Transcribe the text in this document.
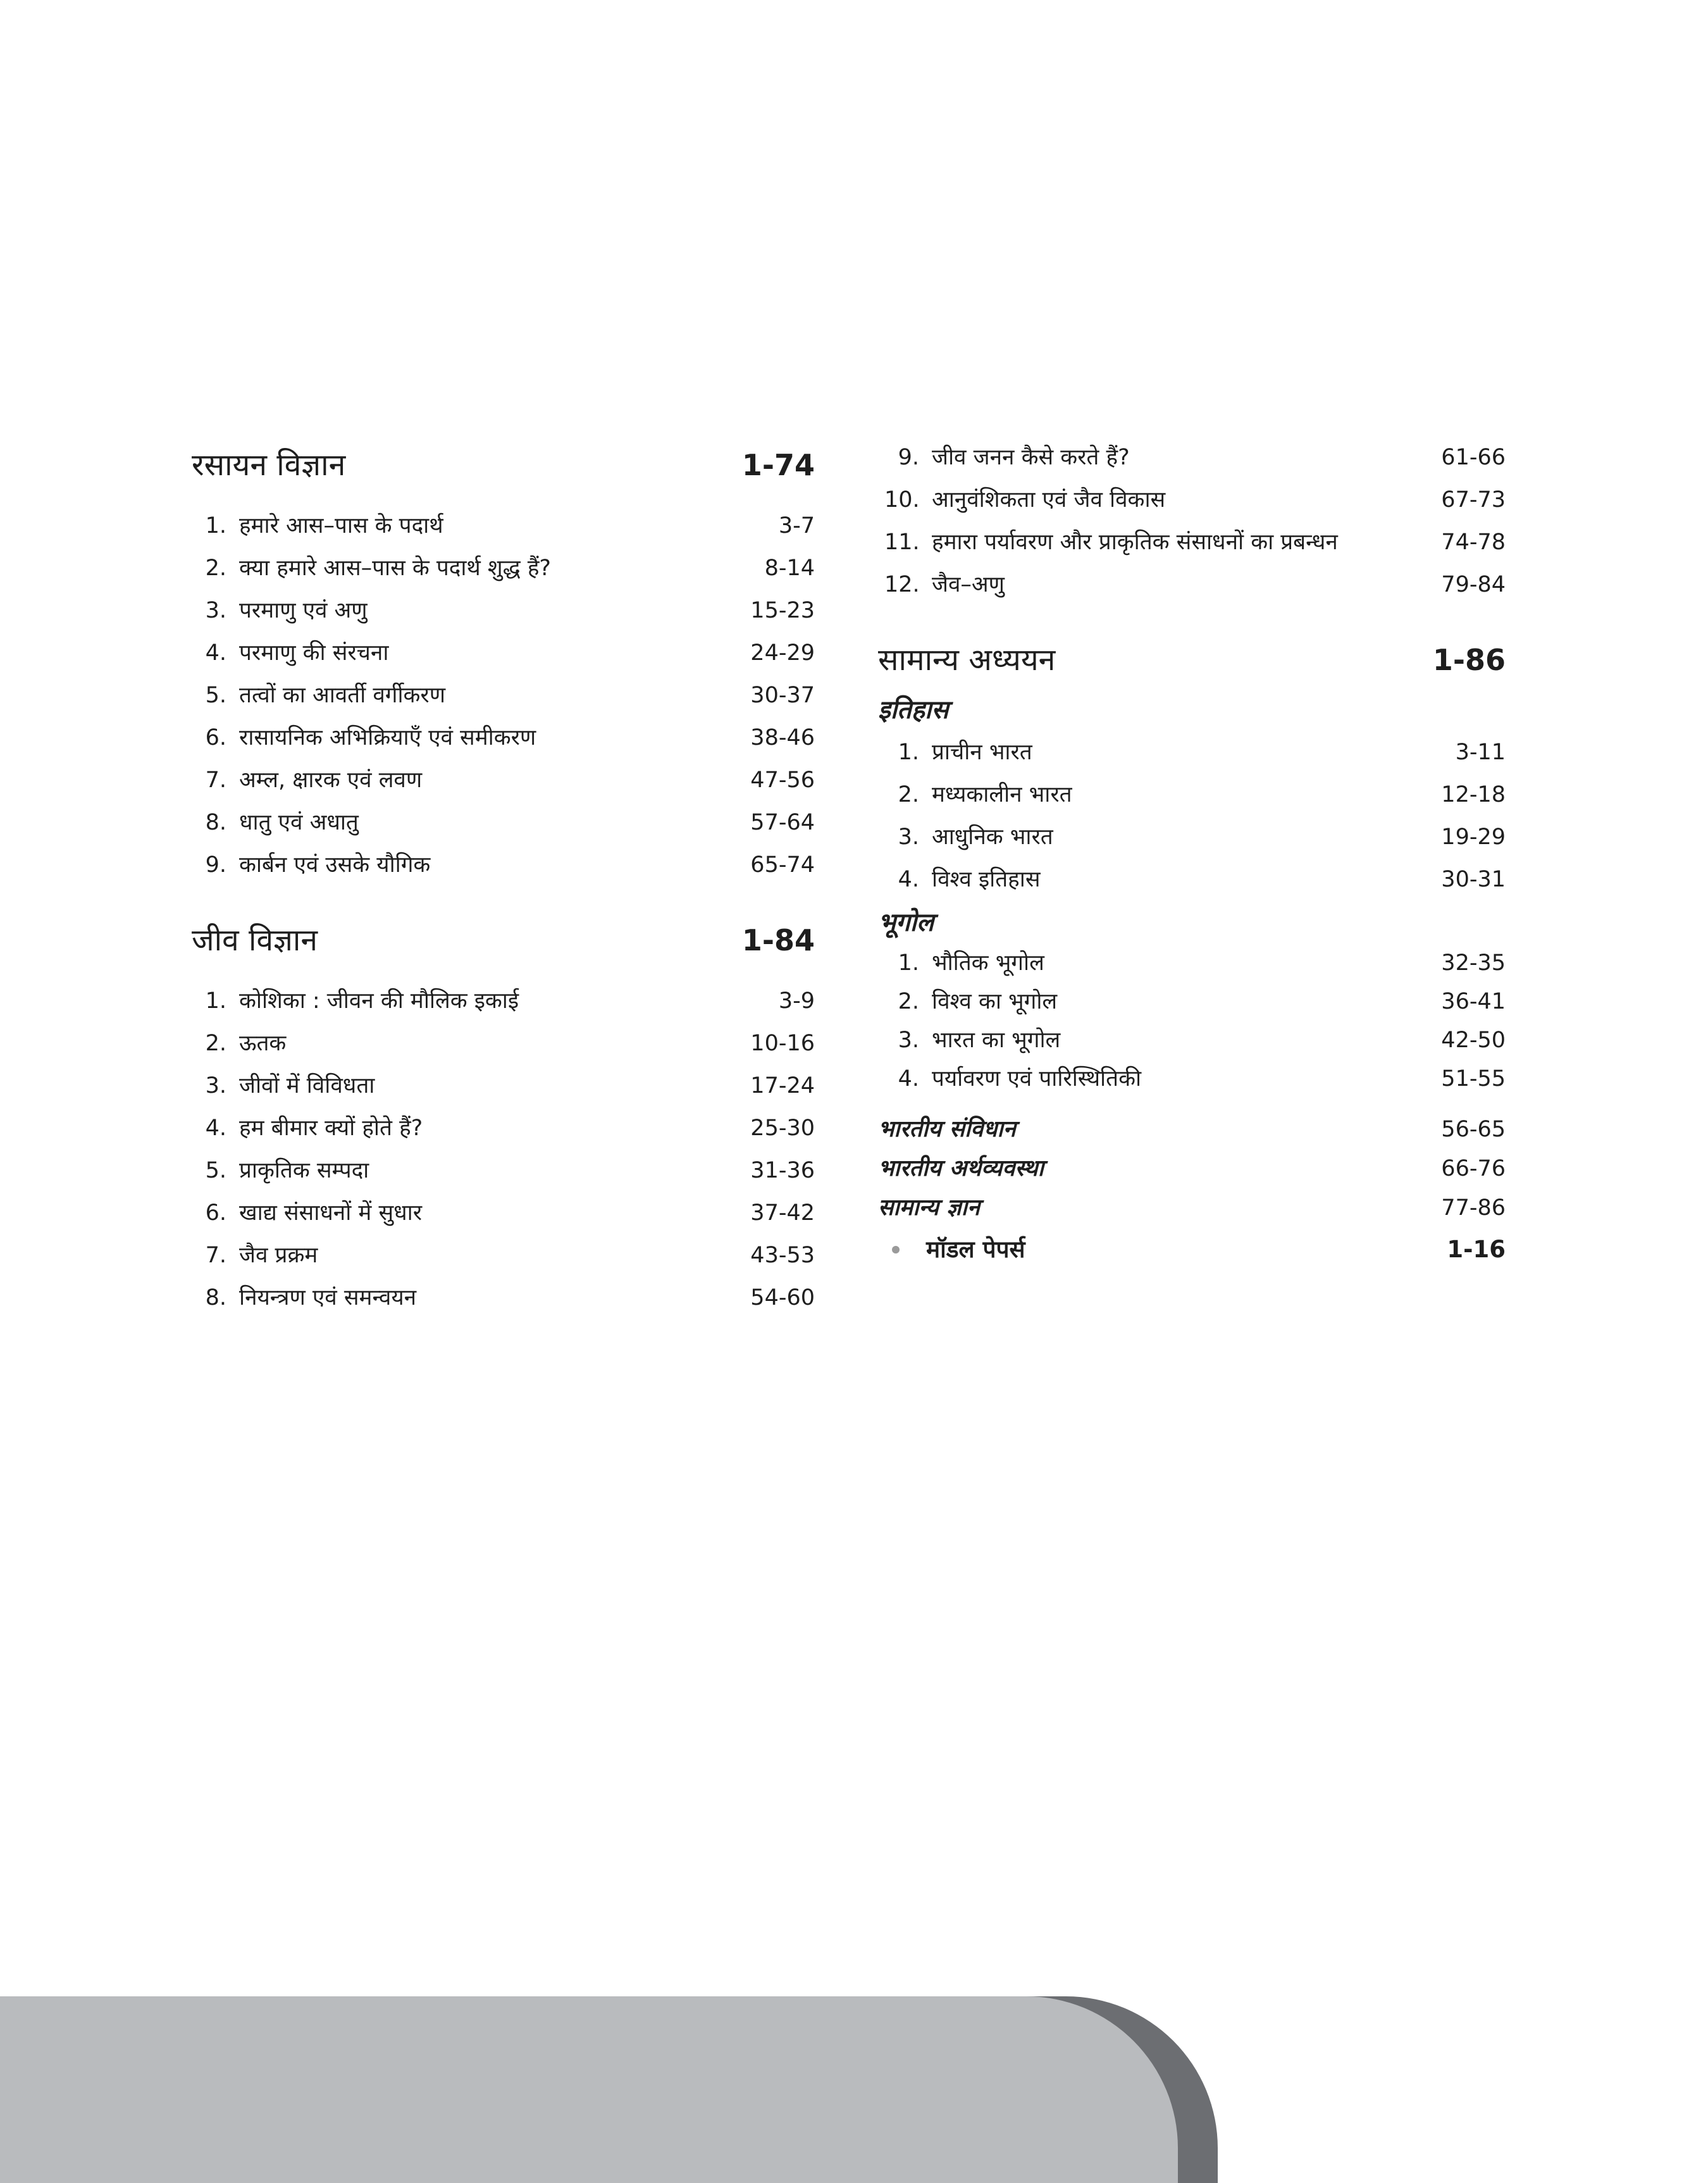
रसायन विज्ञान	1-74
1. हमारे आस–पास के पदार्थ	3-7
2. क्या हमारे आस–पास के पदार्थ शुद्ध हैं?	8-14
3. परमाणु एवं अणु	15-23
4. परमाणु की संरचना	24-29
5. तत्वों का आवर्ती वर्गीकरण	30-37
6. रासायनिक अभिक्रियाएँ एवं समीकरण	38-46
7. अम्ल, क्षारक एवं लवण	47-56
8. धातु एवं अधातु	57-64
9. कार्बन एवं उसके यौगिक	65-74
जीव विज्ञान	1-84
1. कोशिका : जीवन की मौलिक इकाई	3-9
2. ऊतक	10-16
3. जीवों में विविधता	17-24
4. हम बीमार क्यों होते हैं?	25-30
5. प्राकृतिक सम्पदा	31-36
6. खाद्य संसाधनों में सुधार	37-42
7. जैव प्रक्रम	43-53
8. नियन्त्रण एवं समन्वयन	54-60
9. जीव जनन कैसे करते हैं?	61-66
10. आनुवंशिकता एवं जैव विकास	67-73
11. हमारा पर्यावरण और प्राकृतिक संसाधनों का प्रबन्धन	74-78
12. जैव–अणु	79-84
सामान्य अध्ययन	1-86
इतिहास
1. प्राचीन भारत	3-11
2. मध्यकालीन भारत	12-18
3. आधुनिक भारत	19-29
4. विश्व इतिहास	30-31
भूगोल
1. भौतिक भूगोल	32-35
2. विश्व का भूगोल	36-41
3. भारत का भूगोल	42-50
4. पर्यावरण एवं पारिस्थितिकी	51-55
भारतीय संविधान	56-65
भारतीय अर्थव्यवस्था	66-76
सामान्य ज्ञान	77-86
मॉडल पेपर्स	1-16
